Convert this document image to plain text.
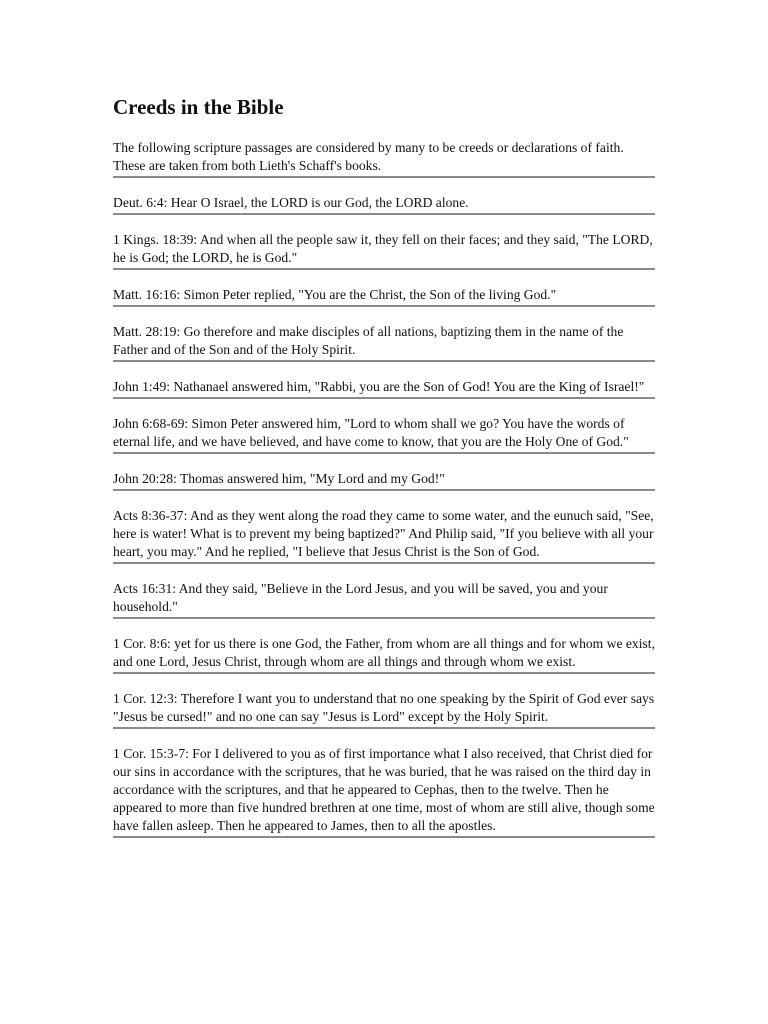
Creeds in the Bible
The following scripture passages are considered by many to be creeds or declarations of faith. These are taken from both Lieth's Schaff's books.
Deut. 6:4: Hear O Israel, the LORD is our God, the LORD alone.
1 Kings. 18:39: And when all the people saw it, they fell on their faces; and they said, "The LORD, he is God; the LORD, he is God."
Matt. 16:16: Simon Peter replied, "You are the Christ, the Son of the living God."
Matt. 28:19: Go therefore and make disciples of all nations, baptizing them in the name of the Father and of the Son and of the Holy Spirit.
John 1:49: Nathanael answered him, "Rabbi, you are the Son of God! You are the King of Israel!"
John 6:68-69: Simon Peter answered him, "Lord to whom shall we go? You have the words of eternal life, and we have believed, and have come to know, that you are the Holy One of God."
John 20:28: Thomas answered him, "My Lord and my God!"
Acts 8:36-37: And as they went along the road they came to some water, and the eunuch said, "See, here is water! What is to prevent my being baptized?" And Philip said, "If you believe with all your heart, you may." And he replied, "I believe that Jesus Christ is the Son of God.
Acts 16:31: And they said, "Believe in the Lord Jesus, and you will be saved, you and your household."
1 Cor. 8:6: yet for us there is one God, the Father, from whom are all things and for whom we exist, and one Lord, Jesus Christ, through whom are all things and through whom we exist.
1 Cor. 12:3: Therefore I want you to understand that no one speaking by the Spirit of God ever says "Jesus be cursed!" and no one can say "Jesus is Lord" except by the Holy Spirit.
1 Cor. 15:3-7: For I delivered to you as of first importance what I also received, that Christ died for our sins in accordance with the scriptures, that he was buried, that he was raised on the third day in accordance with the scriptures, and that he appeared to Cephas, then to the twelve. Then he appeared to more than five hundred brethren at one time, most of whom are still alive, though some have fallen asleep. Then he appeared to James, then to all the apostles.
